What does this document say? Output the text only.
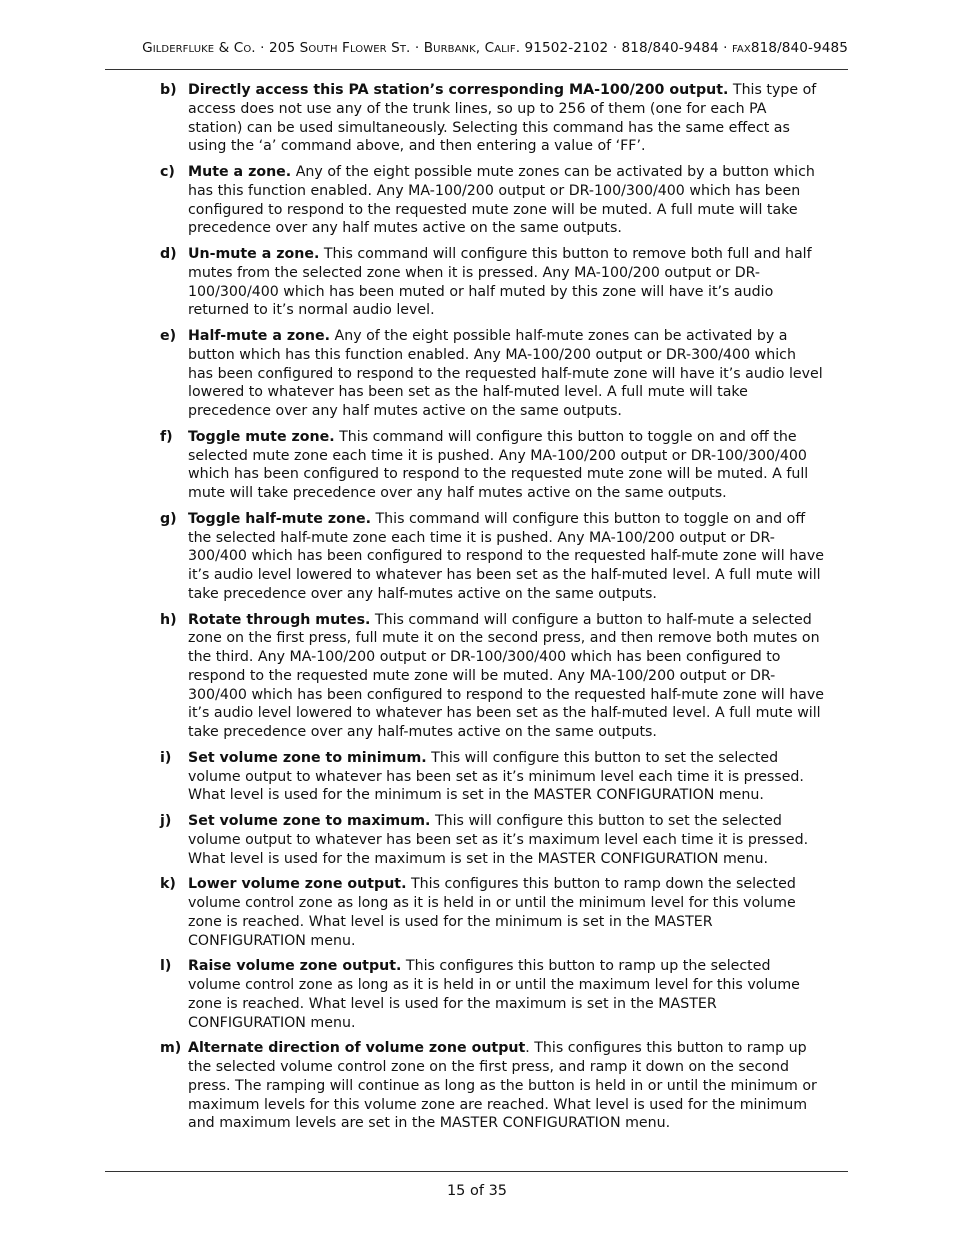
Gilderfluke & Co. · 205 South Flower St. · Burbank, Calif. 91502-2102 · 818/840-9484 · fax818/840-9485
b) Directly access this PA station’s corresponding MA-100/200 output. This type of access does not use any of the trunk lines, so up to 256 of them (one for each PA station) can be used simultaneously. Selecting this command has the same effect as using the ‘a’ command above, and then entering a value of ‘FF’.
c) Mute a zone. Any of the eight possible mute zones can be activated by a button which has this function enabled. Any MA-100/200 output or DR-100/300/400 which has been configured to respond to the requested mute zone will be muted. A full mute will take precedence over any half mutes active on the same outputs.
d) Un-mute a zone. This command will configure this button to remove both full and half mutes from the selected zone when it is pressed. Any MA-100/200 output or DR-100/300/400 which has been muted or half muted by this zone will have it’s audio returned to it’s normal audio level.
e) Half-mute a zone. Any of the eight possible half-mute zones can be activated by a button which has this function enabled. Any MA-100/200 output or DR-300/400 which has been configured to respond to the requested half-mute zone will have it’s audio level lowered to whatever has been set as the half-muted level. A full mute will take precedence over any half mutes active on the same outputs.
f)	Toggle mute zone. This command will configure this button to toggle on and off the selected mute zone each time it is pushed. Any MA-100/200 output or DR-100/300/400 which has been configured to respond to the requested mute zone will be muted. A full mute will take precedence over any half mutes active on the same outputs.
g) Toggle half-mute zone. This command will configure this button to toggle on and off the selected half-mute zone each time it is pushed. Any MA-100/200 output or DR-300/400 which has been configured to respond to the requested half-mute zone will have it’s audio level lowered to whatever has been set as the half-muted level. A full mute will take precedence over any half-mutes active on the same outputs.
h) Rotate through mutes. This command will configure a button to half-mute a selected zone on the first press, full mute it on the second press, and then remove both mutes on the third. Any MA-100/200 output or DR-100/300/400 which has been configured to respond to the requested mute zone will be muted. Any MA-100/200 output or DR-300/400 which has been configured to respond to the requested half-mute zone will have it’s audio level lowered to whatever has been set as the half-muted level. A full mute will take precedence over any half-mutes active on the same outputs.
i)	Set volume zone to minimum. This will configure this button to set the selected volume output to whatever has been set as it’s minimum level each time it is pressed. What level is used for the minimum is set in the MASTER CONFIGURATION menu.
j)	Set volume zone to maximum. This will configure this button to set the selected volume output to whatever has been set as it’s maximum level each time it is pressed. What level is used for the maximum is set in the MASTER CONFIGURATION menu.
k) Lower volume zone output. This configures this button to ramp down the selected volume control zone as long as it is held in or until the minimum level for this volume zone is reached. What level is used for the minimum is set in the MASTER CONFIGURATION menu.
l)	Raise volume zone output. This configures this button to ramp up the selected volume control zone as long as it is held in or until the maximum level for this volume zone is reached. What level is used for the maximum is set in the MASTER CONFIGURATION menu.
m) Alternate direction of volume zone output. This configures this button to ramp up the selected volume control zone on the first press, and ramp it down on the second press. The ramping will continue as long as the button is held in or until the minimum or maximum levels for this volume zone are reached. What level is used for the minimum and maximum levels are set in the MASTER CONFIGURATION menu.
15 of 35
